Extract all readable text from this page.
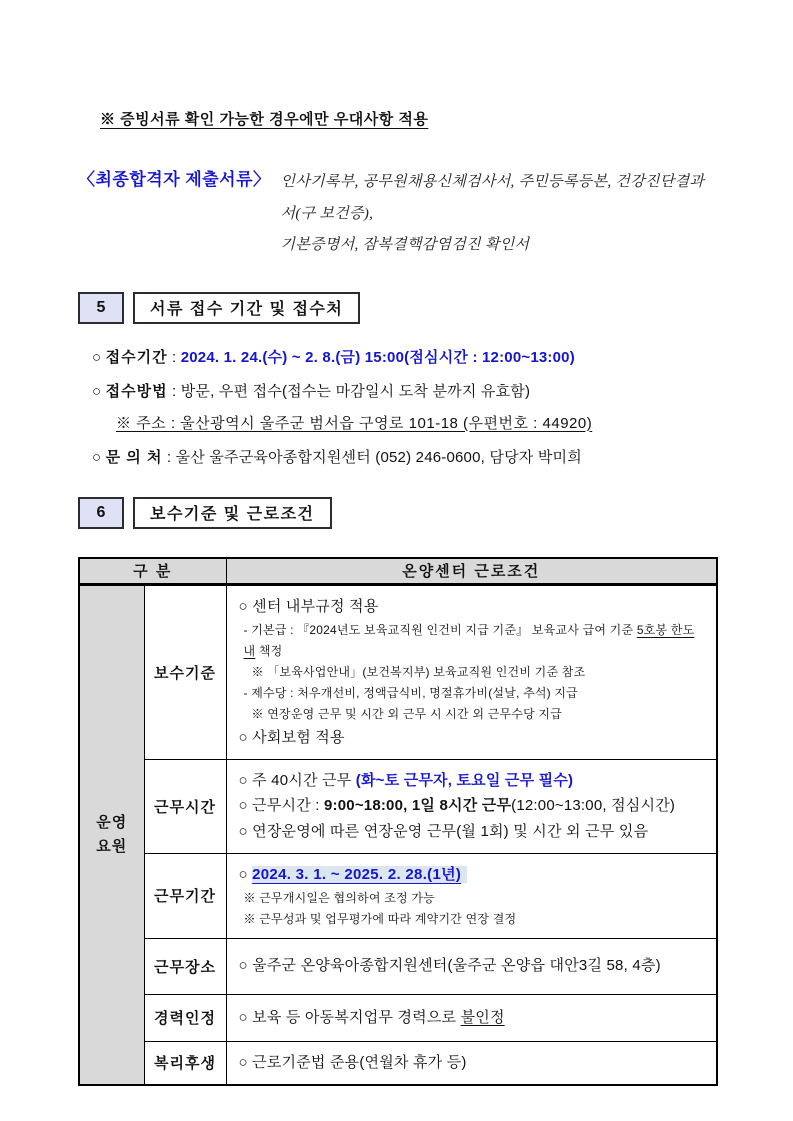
※ 증빙서류 확인 가능한 경우에만 우대사항 적용
〈최종합격자 제출서류〉 인사기록부, 공무원채용신체검사서, 주민등록등본, 건강진단결과서(구 보건증),
기본증명서, 잠복결핵감염검진 확인서
5	서류 접수 기간 및 접수처
○ 접수기간 : 2024. 1. 24.(수) ~ 2. 8.(금) 15:00(점심시간 : 12:00~13:00)
○ 접수방법 : 방문, 우편 접수(접수는 마감일시 도착 분까지 유효함)
※ 주소 : 울산광역시 울주군 범서읍 구영로 101-18 (우편번호 : 44920)
○ 문 의 처 : 울산 울주군육아종합지원센터 (052) 246-0600, 담당자 박미희
6	보수기준 및 근로조건
구 분		온양센터 근로조건
운영
요원	보수기준	
○ 센터 내부규정 적용
- 기본급 : 『2024년도 보육교직원 인건비 지급 기준』 보육교사 급여 기준 5호봉 한도 내 책정
※ 「보육사업안내」(보건복지부) 보육교직원 인건비 기준 참조
- 제수당 : 처우개선비, 정액급식비, 명절휴가비(설날, 추석) 지급
※ 연장운영 근무 및 시간 외 근무 시 시간 외 근무수당 지급
○ 사회보험 적용

	근무시간	○ 주 40시간 근무 (화~토 근무자, 토요일 근무 필수)
○ 근무시간 : 9:00~18:00, 1일 8시간 근무(12:00~13:00, 점심시간)
○ 연장운영에 따른 연장운영 근무(월 1회) 및 시간 외 근무 있음

	근무기간	○ 2024. 3. 1. ~ 2025. 2. 28.(1년)
※ 근무개시일은 협의하여 조정 가능
※ 근무성과 및 업무평가에 따라 계약기간 연장 결정

	근무장소	○ 울주군 온양육아종합지원센터(울주군 온양읍 대안3길 58, 4층)

	경력인정	○ 보육 등 아동복지업무 경력으로 불인정

	복리후생	○ 근로기준법 준용(연월차 휴가 등)
